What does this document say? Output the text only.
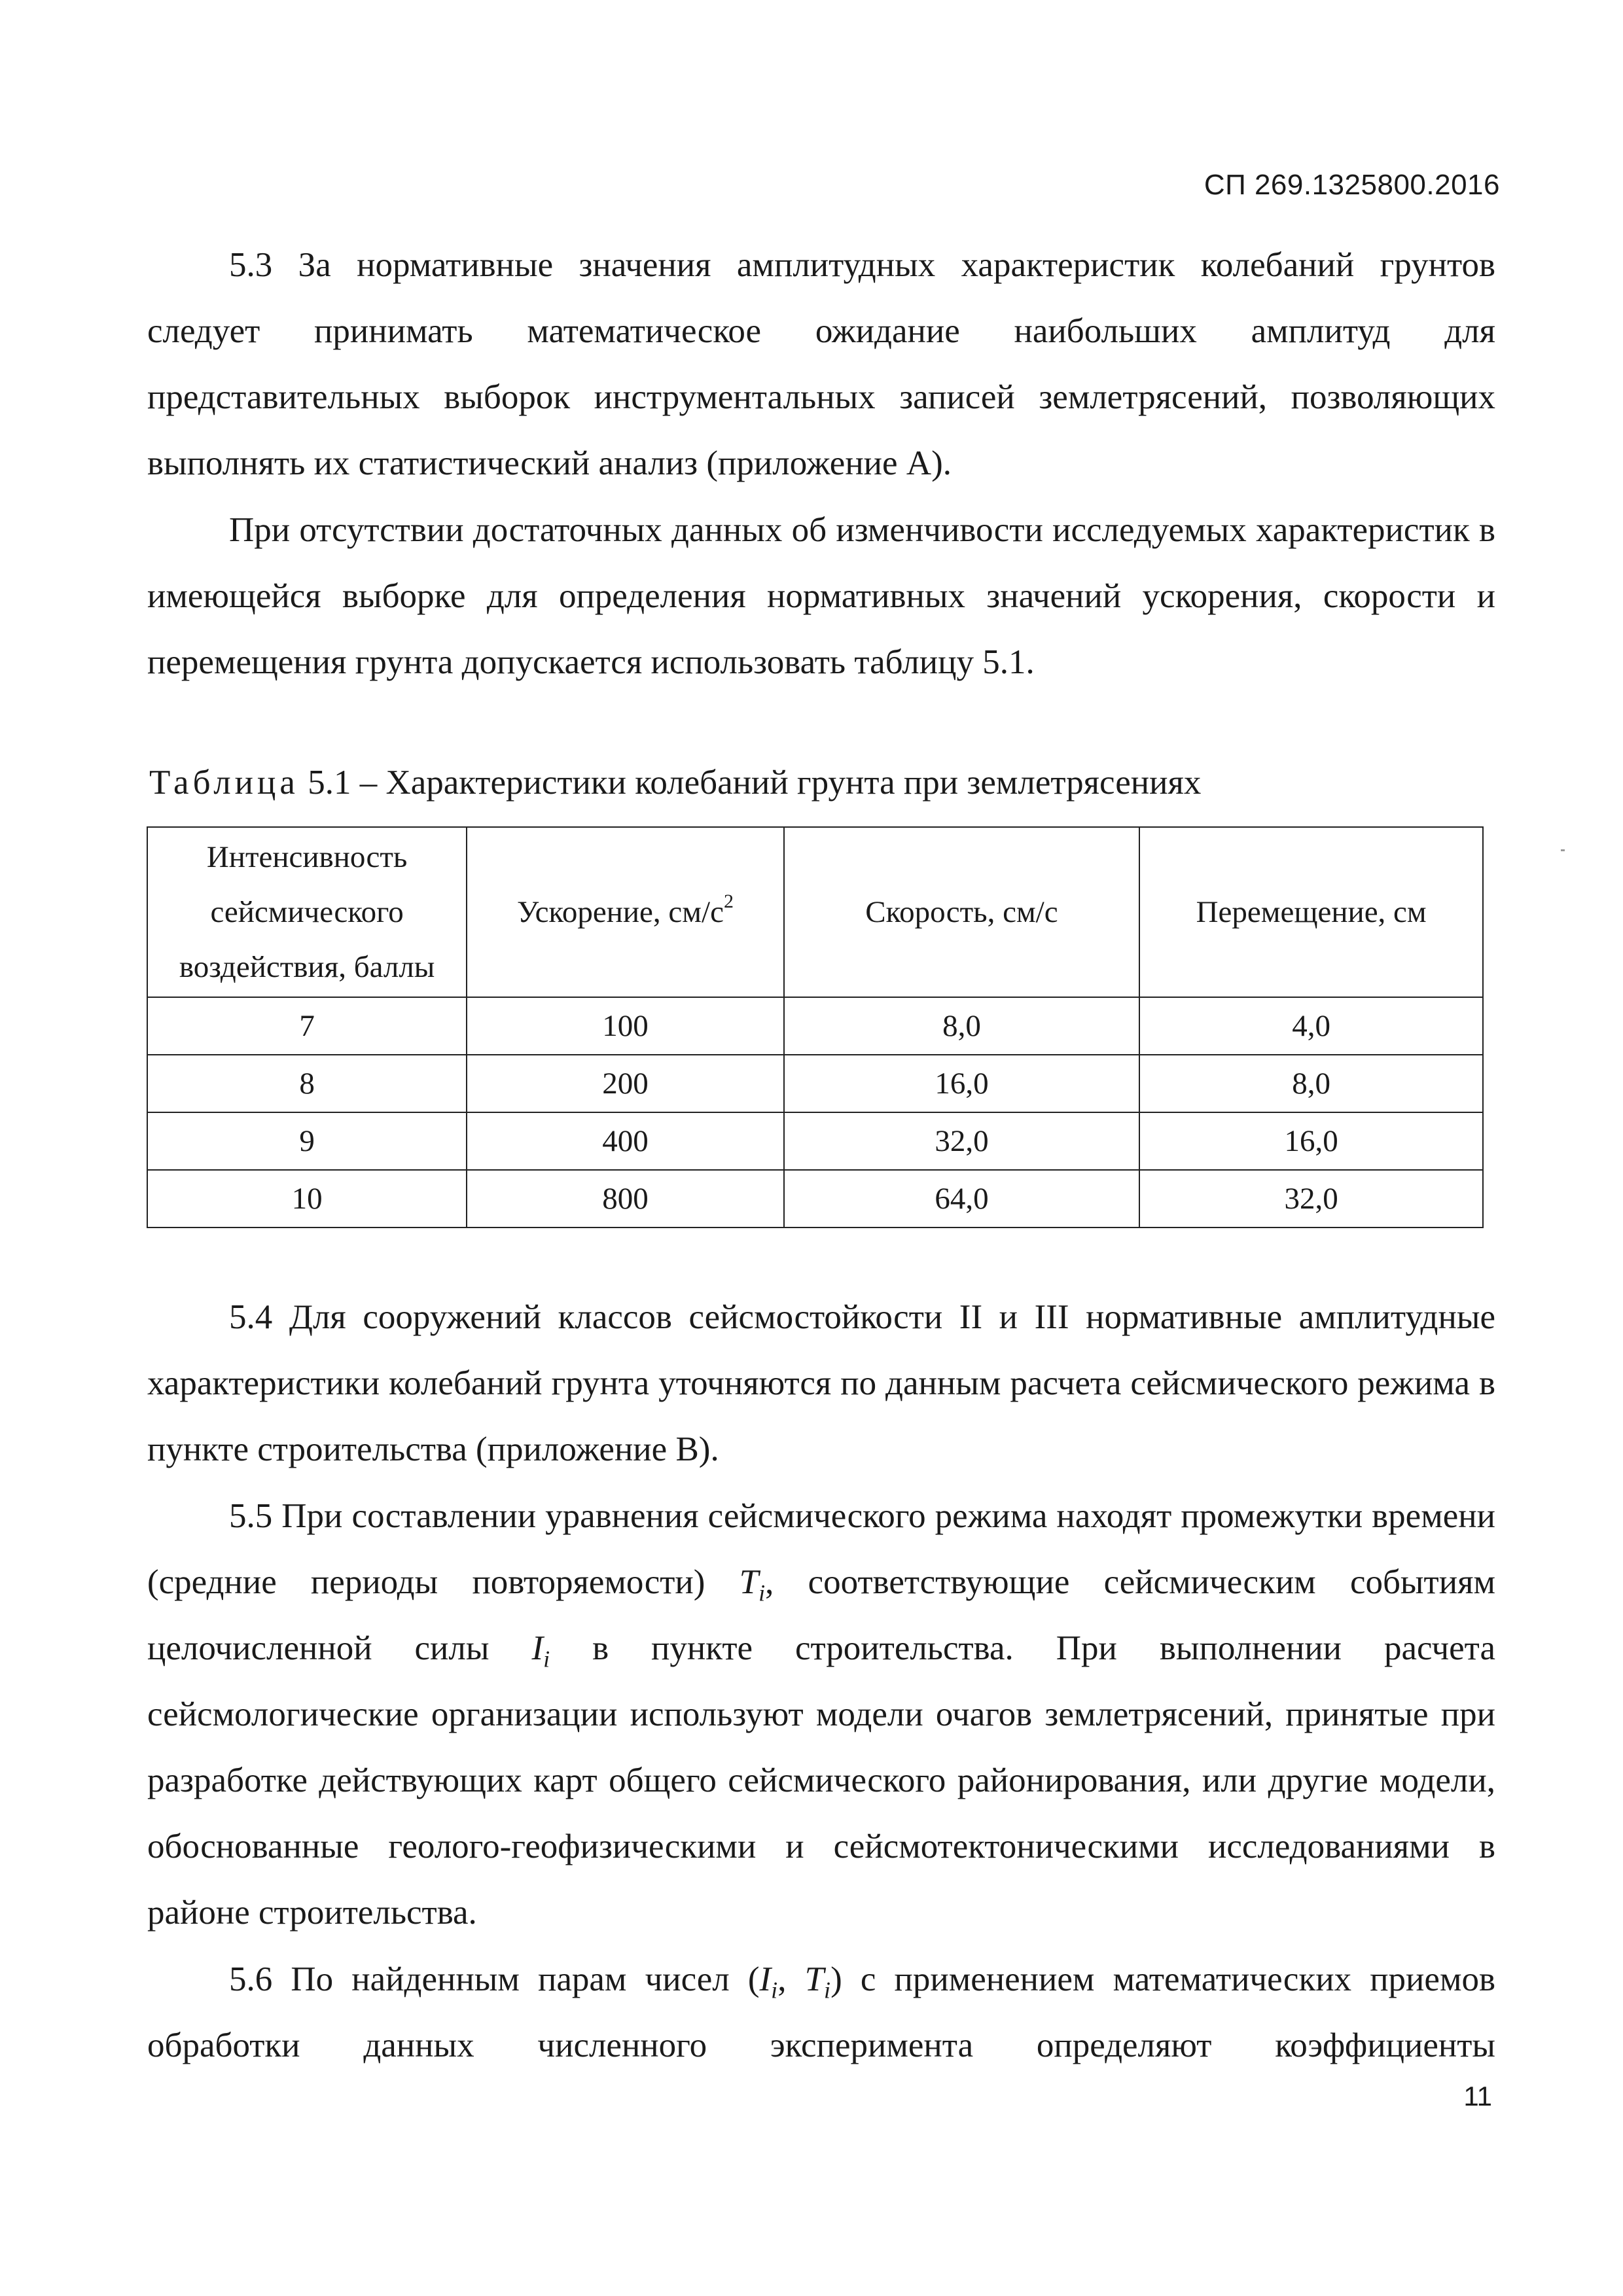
СП 269.1325800.2016

5.3 За нормативные значения амплитудных характеристик колебаний грунтов следует принимать математическое ожидание наибольших амплитуд для представительных выборок инструментальных записей землетрясений, позволяющих выполнять их статистический анализ (приложение А).

При отсутствии достаточных данных об изменчивости исследуемых характеристик в имеющейся выборке для определения нормативных значений ускорения, скорости и перемещения грунта допускается использовать таблицу 5.1.

Таблица 5.1 – Характеристики колебаний грунта при землетрясениях
Интенсивность сейсмического воздействия, баллы	Ускорение, $см/с^2$	Скорость, см/с	Перемещение, см
7	100	8,0	4,0
8	200	16,0	8,0
9	400	32,0	16,0
10	800	64,0	32,0

5.4 Для сооружений классов сейсмостойкости II и III нормативные амплитудные характеристики колебаний грунта уточняются по данным расчета сейсмического режима в пункте строительства (приложение В).

5.5 При составлении уравнения сейсмического режима находят промежутки времени (средние периоды повторяемости) $T_i$, соответствующие сейсмическим событиям целочисленной силы $I_i$ в пункте строительства. При выполнении расчета сейсмологические организации используют модели очагов землетрясений, принятые при разработке действующих карт общего сейсмического районирования, или другие модели, обоснованные геолого-геофизическими и сейсмотектоническими исследованиями в районе строительства.

5.6 По найденным парам чисел ($I_i$, $T_i$) с применением математических приемов обработки данных численного эксперимента определяют коэффициенты

11
